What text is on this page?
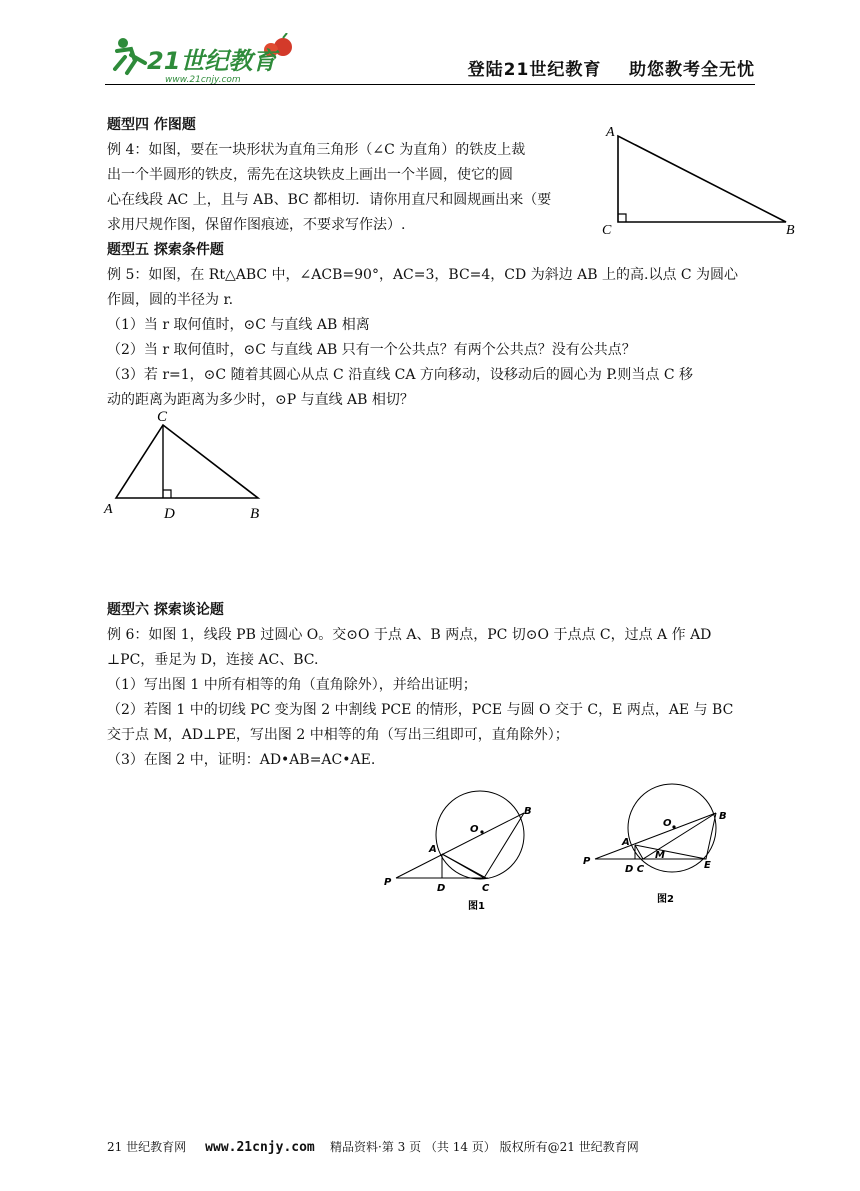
21世纪教育
www.21cnjy.com	登陆21世纪教育    助您教考全无忧
题型四 作图题
例 4：如图，要在一块形状为直角三角形（∠C 为直角）的铁皮上裁
出一个半圆形的铁皮，需先在这块铁皮上画出一个半圆，使它的圆
心在线段 AC 上，且与 AB、BC 都相切．请你用直尺和圆规画出来（要
求用尺规作图，保留作图痕迹，不要求写作法）.
A
C	B
题型五 探索条件题
例 5：如图，在 Rt△ABC 中，∠ACB=90°，AC=3，BC=4，CD 为斜边 AB 上的高.以点 C 为圆心
作圆，圆的半径为 r.
（1）当 r 取何值时，⊙C 与直线 AB 相离
（2）当 r 取何值时，⊙C 与直线 AB 只有一个公共点？有两个公共点？没有公共点？
（3）若 r=1，⊙C 随着其圆心从点 C 沿直线 CA 方向移动，设移动后的圆心为 P.则当点 C 移
动的距离为距离为多少时，⊙P 与直线 AB 相切？
C
A	D	B
题型六 探索谈论题
例 6：如图 1，线段 PB 过圆心 O。交⊙O 于点 A、B 两点，PC 切⊙O 于点点 C，过点 A 作 AD
⊥PC，垂足为 D，连接 AC、BC.
（1）写出图 1 中所有相等的角（直角除外），并给出证明；
（2）若图 1 中的切线 PC 变为图 2 中割线 PCE 的情形，PCE 与圆 O 交于 C，E 两点，AE 与 BC
交于点 M，AD⊥PE，写出图 2 中相等的角（写出三组即可，直角除外）；
（3）在图 2 中，证明：AD•AB=AC•AE.
O
B
A
P
D	C
图1
O
B
A
M
P
D C	E
图2
21 世纪教育网 www.21cnjy.com 精品资料·第 3 页 （共 14 页） 版权所有@21 世纪教育网
